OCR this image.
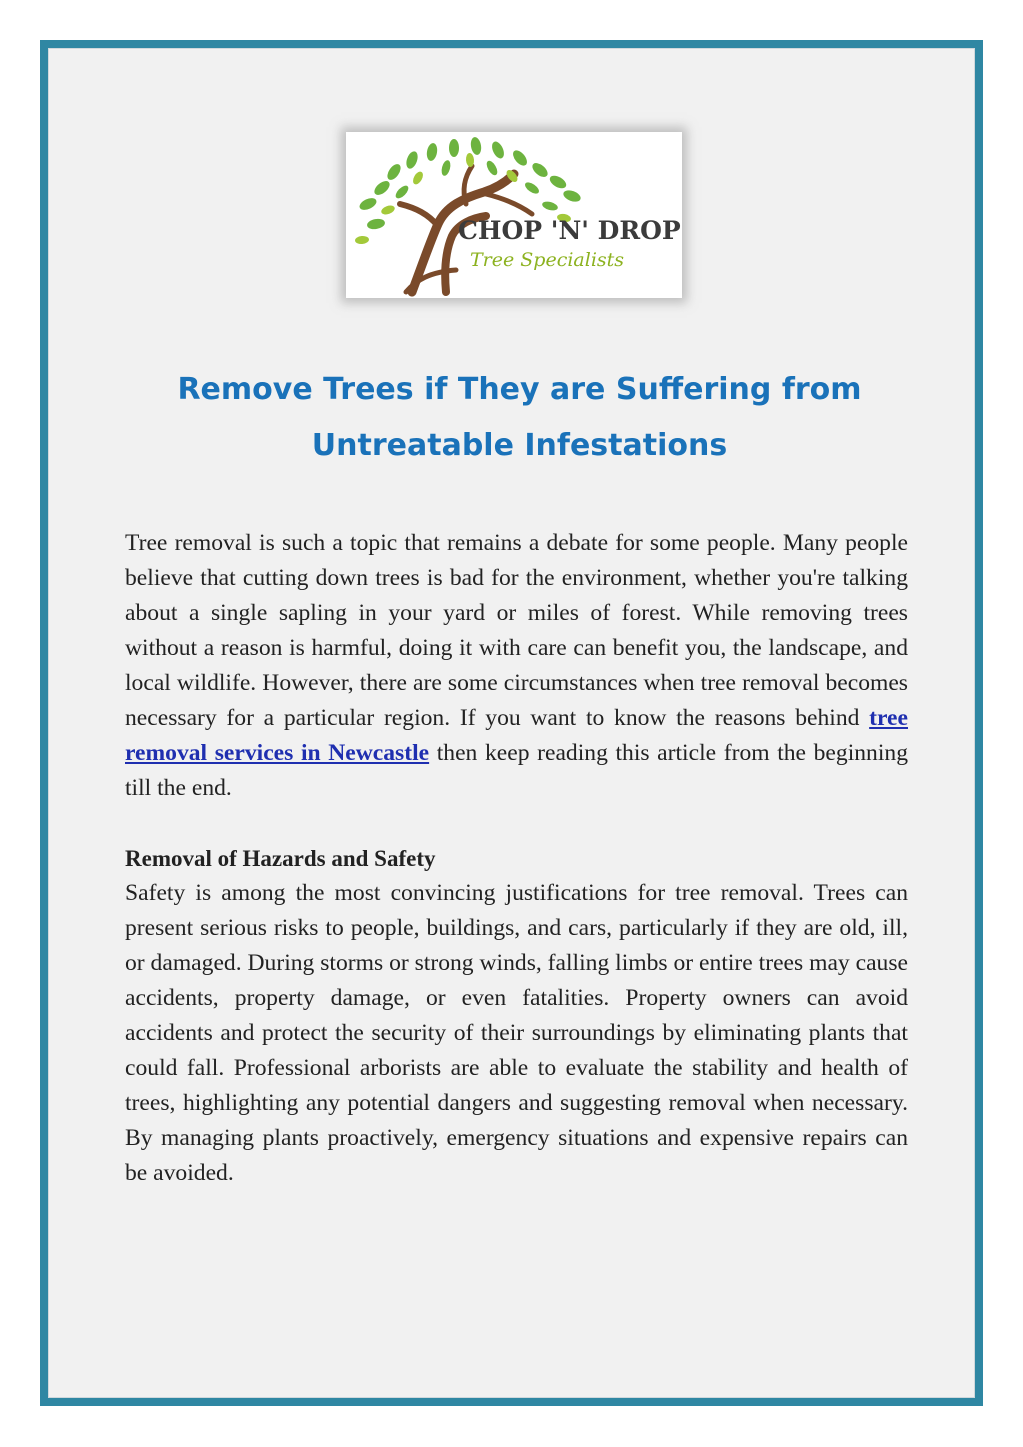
CHOP 'N' DROP
Tree Specialists
Remove Trees if They are Suffering from Untreatable Infestations

Tree removal is such a topic that remains a debate for some people. Many people believe that cutting down trees is bad for the environment, whether you're talking about a single sapling in your yard or miles of forest. While removing trees without a reason is harmful, doing it with care can benefit you, the landscape, and local wildlife. However, there are some circumstances when tree removal becomes necessary for a particular region. If you want to know the reasons behind tree removal services in Newcastle then keep reading this article from the beginning till the end.

Removal of Hazards and Safety

Safety is among the most convincing justifications for tree removal. Trees can present serious risks to people, buildings, and cars, particularly if they are old, ill, or damaged. During storms or strong winds, falling limbs or entire trees may cause accidents, property damage, or even fatalities. Property owners can avoid accidents and protect the security of their surroundings by eliminating plants that could fall. Professional arborists are able to evaluate the stability and health of trees, highlighting any potential dangers and suggesting removal when necessary. By managing plants proactively, emergency situations and expensive repairs can be avoided.
